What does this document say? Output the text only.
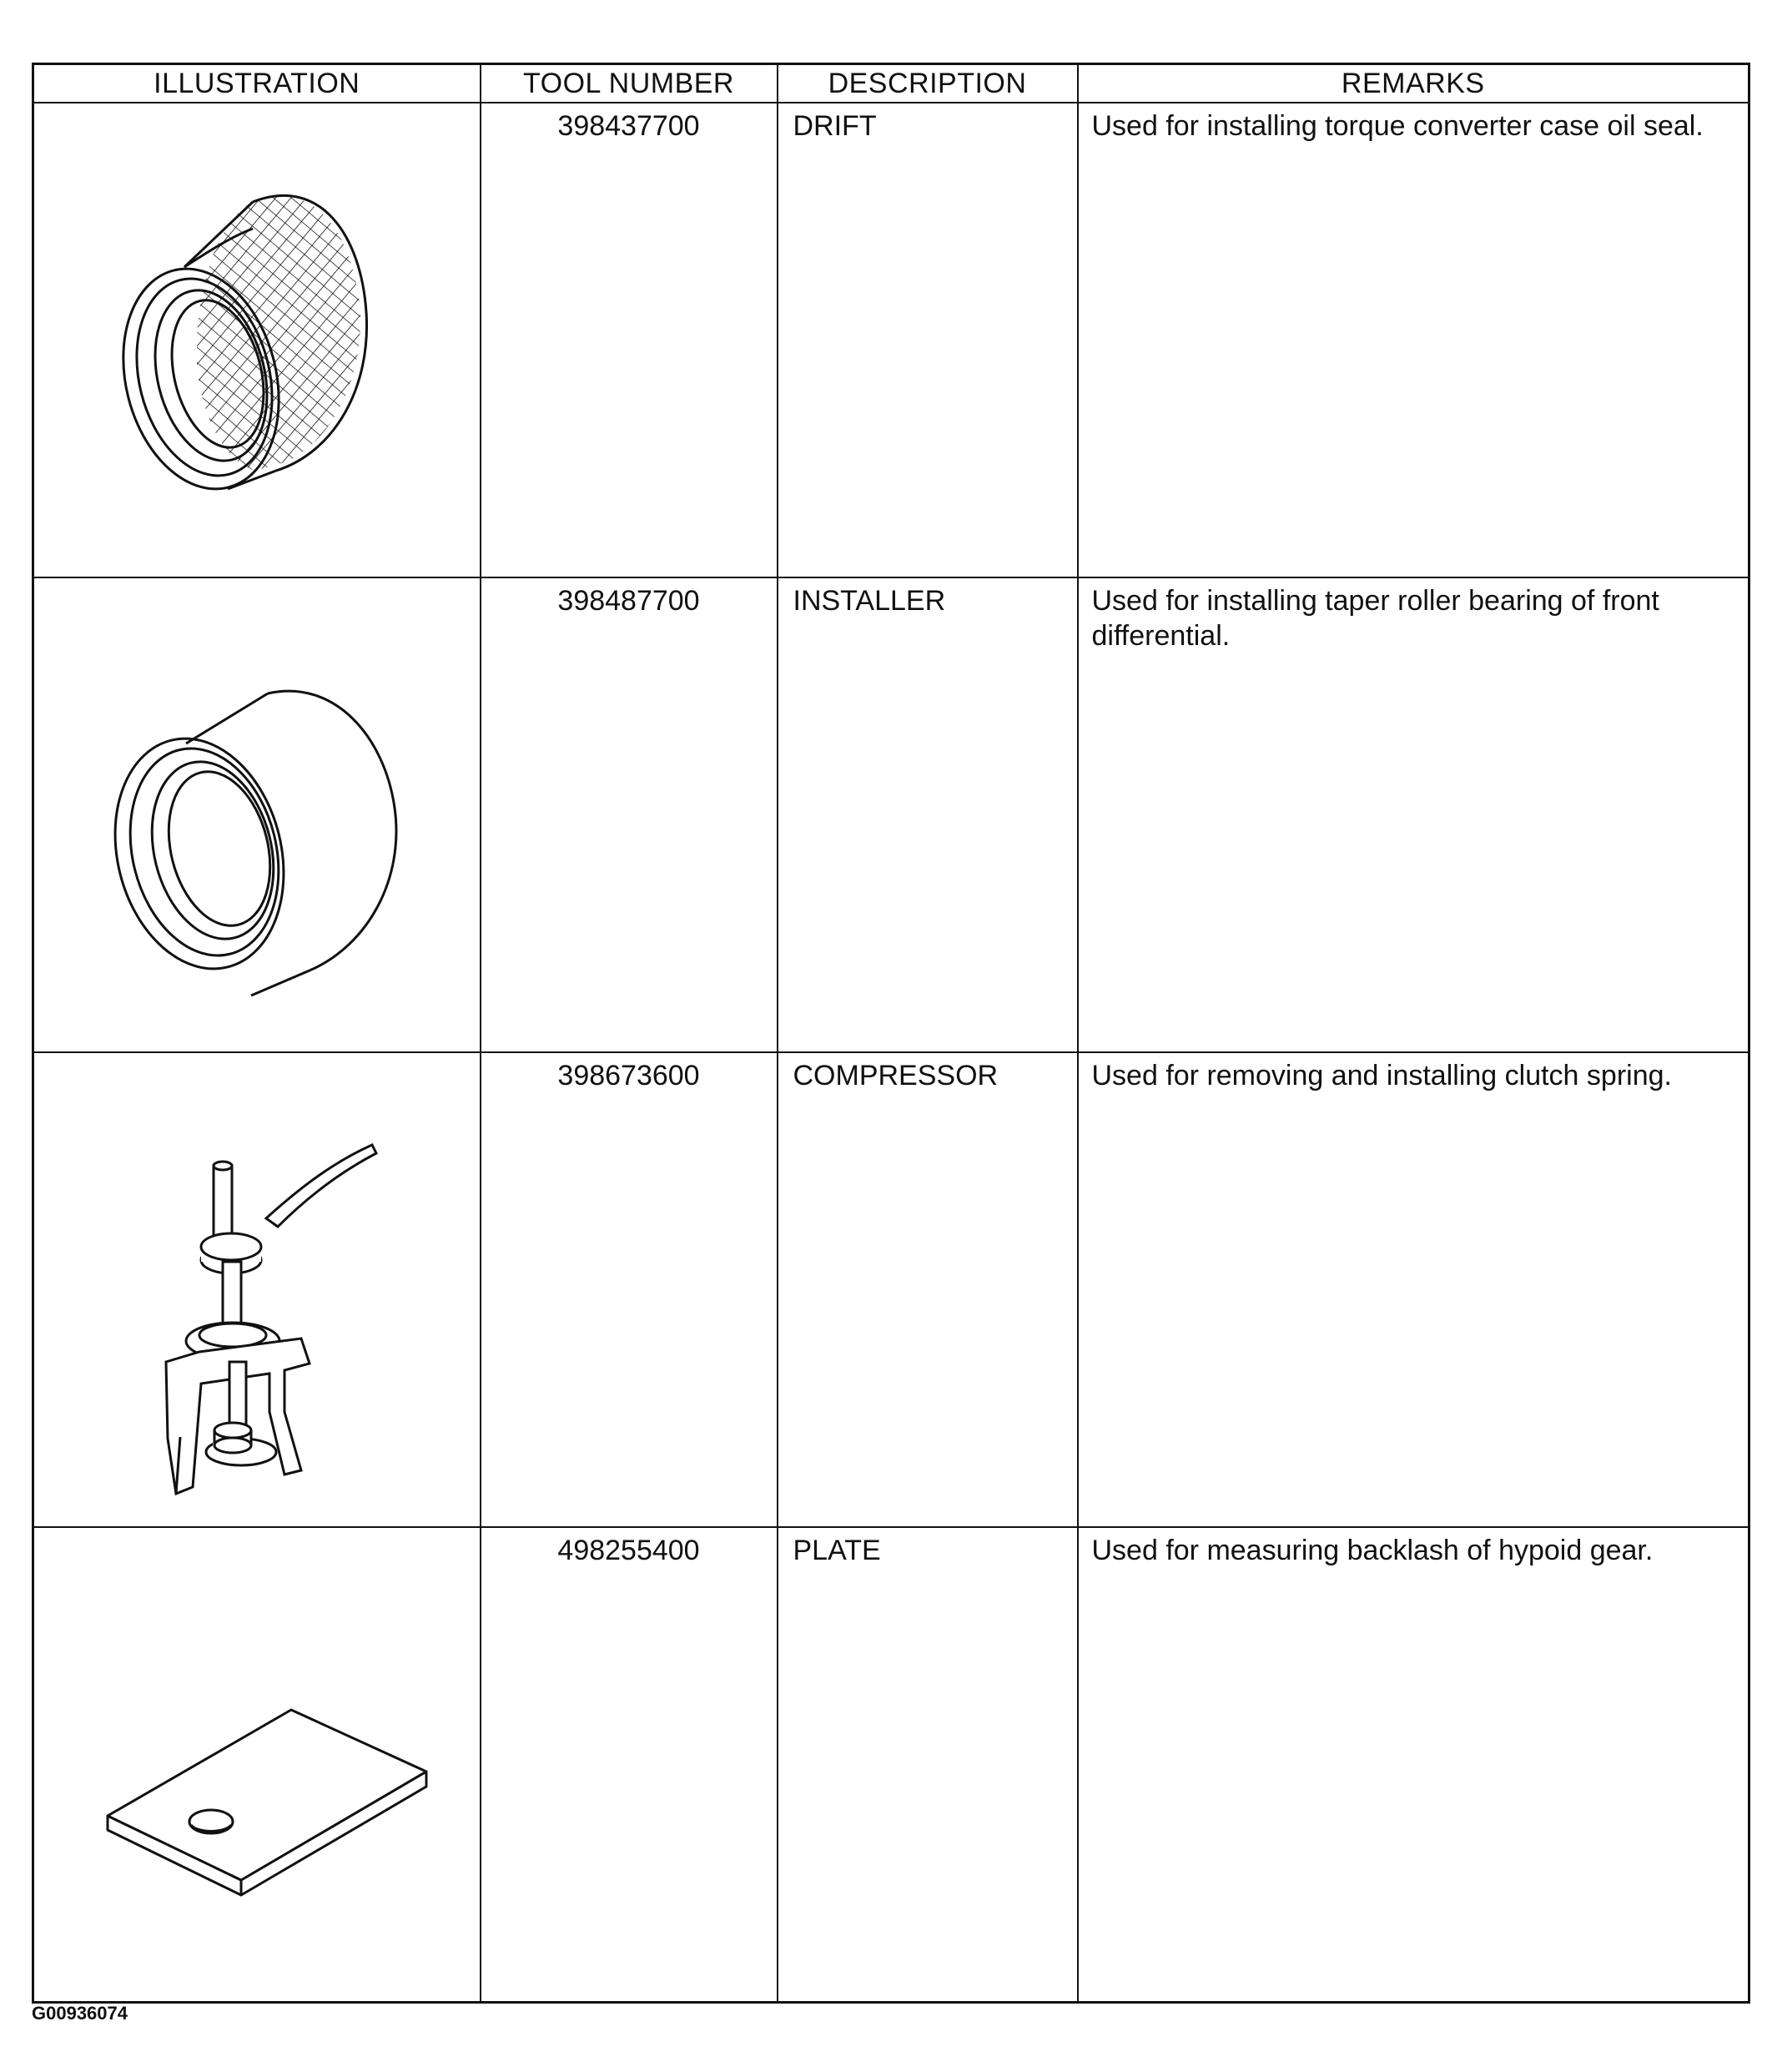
ILLUSTRATION	TOOL NUMBER	DESCRIPTION	REMARKS

	398437700	DRIFT	Used for installing torque converter case oil seal.

	398487700	INSTALLER	Used for installing taper roller bearing of front differential.

	398673600	COMPRESSOR	Used for removing and installing clutch spring.

	498255400	PLATE	Used for measuring backlash of hypoid gear.
G00936074
